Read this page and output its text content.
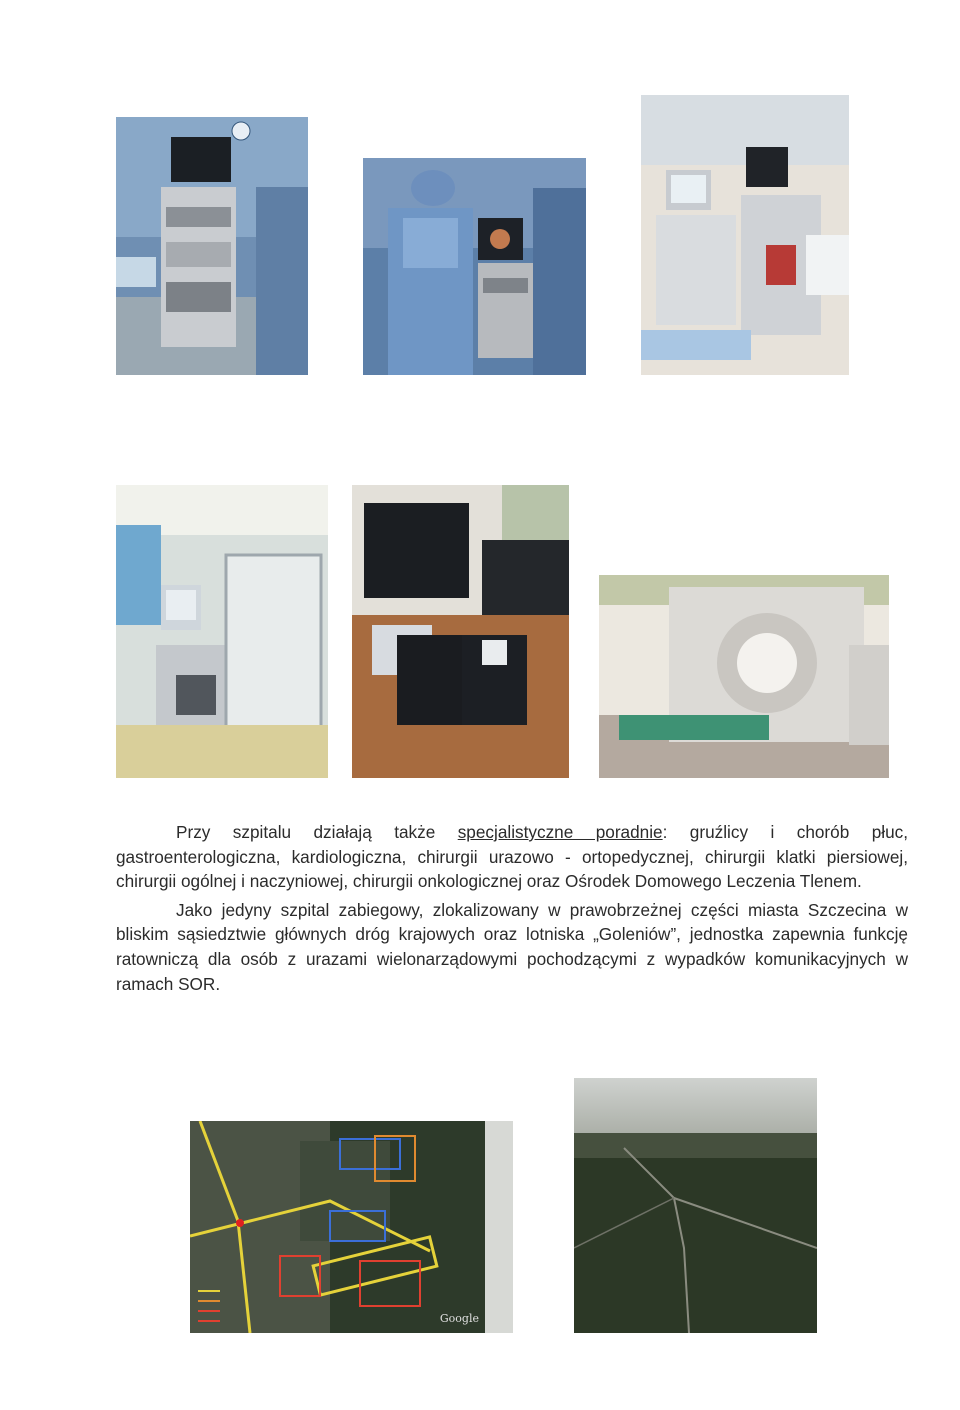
Przy szpitalu działają także specjalistyczne poradnie: gruźlicy i chorób płuc, gastroenterologiczna, kardiologiczna, chirurgii urazowo - ortopedycznej, chirurgii klatki piersiowej, chirurgii ogólnej i naczyniowej, chirurgii onkologicznej oraz Ośrodek Domowego Leczenia Tlenem.

Jako jedyny szpital zabiegowy, zlokalizowany w prawobrzeżnej części miasta Szczecina w bliskim sąsiedztwie głównych dróg krajowych oraz lotniska „Goleniów”, jednostka zapewnia funkcję ratowniczą dla osób z urazami wielonarządowymi pochodzącymi z wypadków komunikacyjnych w ramach SOR.

Google
